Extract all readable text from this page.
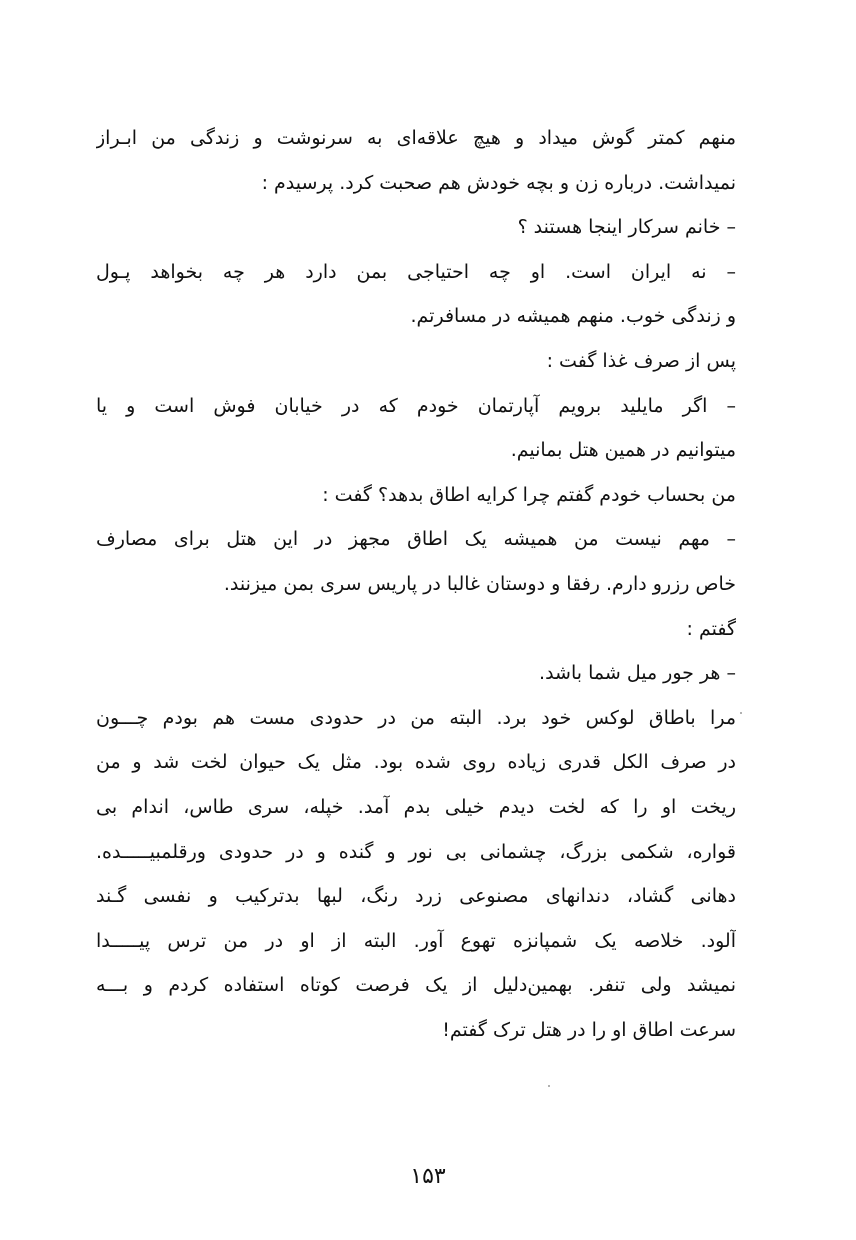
منهم کمتر گوش میداد و هیچ علاقه‌ای به سرنوشت و زندگی من ابـراز
نمیداشت. درباره زن و بچه خودش هم صحبت کرد. پرسیدم :
– خانم سرکار اینجا هستند ؟
– نه ایران است. او چه احتیاجی بمن دارد هر چه بخواهد پـول
و زندگی خوب. منهم همیشه در مسافرتم.
پس از صرف غذا گفت :
– اگر مایلید برویم آپارتمان خودم که در خیابان فوش است و یا
میتوانیم در همین هتل بمانیم.
من بحساب خودم گفتم چرا کرایه اطاق بدهد؟ گفت :
– مهم نیست من همیشه یک اطاق مجهز در این هتل برای مصارف
خاص رزرو دارم. رفقا و دوستان غالبا در پاریس سری بمن میزنند.
گفتم :
– هر جور میل شما باشد.
مرا باطاق لوکس خود برد. البته من در حدودی مست هم بودم چـــون
در صرف الکل قدری زیاده روی شده بود. مثل یک حیوان لخت شد و من
ریخت او را که لخت دیدم خیلی بدم آمد. خپله، سری طاس، اندام بی
قواره، شکمی بزرگ، چشمانی بی نور و گنده و در حدودی ورقلمبیـــــده.
دهانی گشاد، دندانهای مصنوعی زرد رنگ، لبها بدترکیب و نفسی گـند
آلود. خلاصه یک شمپانزه تهوع آور. البته از او در من ترس پیـــــدا
نمیشد ولی تنفر. بهمین‌دلیل از یک فرصت کوتاه استفاده کردم و بـــه
سرعت اطاق او را در هتل ترک گفتم!
۱۵۳
